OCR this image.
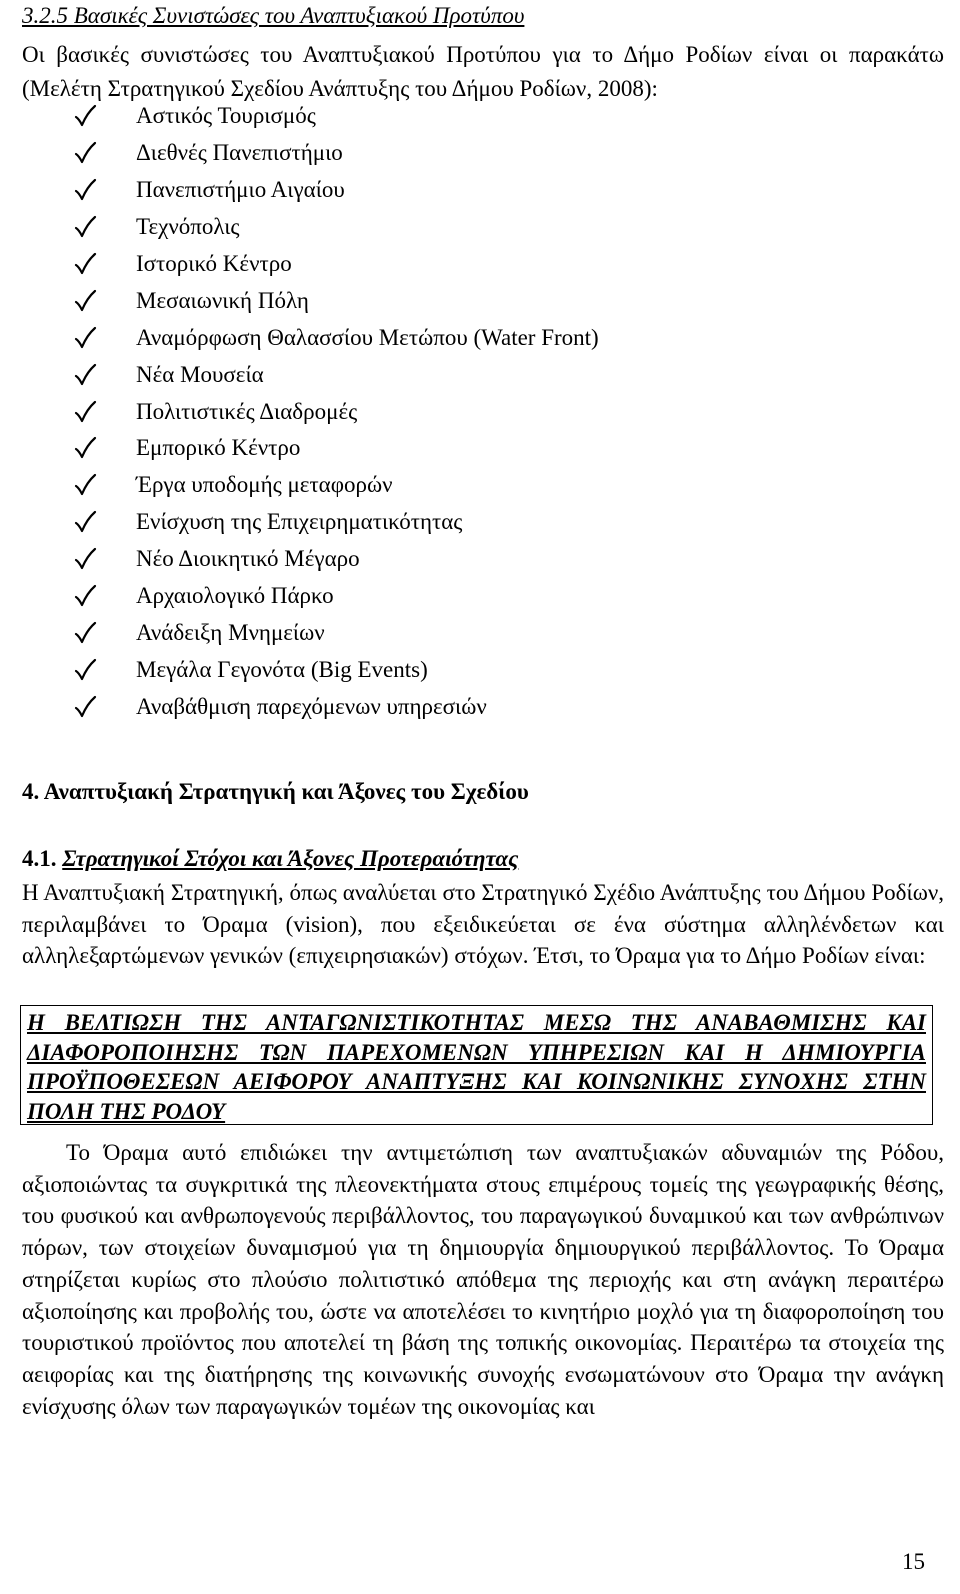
3.2.5 Βασικές Συνιστώσες του Αναπτυξιακού Προτύπου
Οι βασικές συνιστώσες του Αναπτυξιακού Προτύπου για το Δήμο Ροδίων είναι οι παρακάτω (Μελέτη Στρατηγικού Σχεδίου Ανάπτυξης του Δήμου Ροδίων, 2008):
Αστικός Τουρισμός
Διεθνές Πανεπιστήμιο
Πανεπιστήμιο Αιγαίου
Τεχνόπολις
Ιστορικό Κέντρο
Μεσαιωνική Πόλη
Αναμόρφωση Θαλασσίου Μετώπου (Water Front)
Νέα Μουσεία
Πολιτιστικές Διαδρομές
Εμπορικό Κέντρο
Έργα υποδομής μεταφορών
Ενίσχυση της Επιχειρηματικότητας
Νέο Διοικητικό Μέγαρο
Αρχαιολογικό Πάρκο
Ανάδειξη Μνημείων
Μεγάλα Γεγονότα (Big Events)
Αναβάθμιση παρεχόμενων υπηρεσιών
4. Αναπτυξιακή Στρατηγική και Άξονες του Σχεδίου
4.1. Στρατηγικοί Στόχοι και Άξονες Προτεραιότητας
Η Αναπτυξιακή Στρατηγική, όπως αναλύεται στο Στρατηγικό Σχέδιο Ανάπτυξης του Δήμου Ροδίων, περιλαμβάνει το Όραμα (vision), που εξειδικεύεται σε ένα σύστημα αλληλένδετων και αλληλεξαρτώμενων γενικών (επιχειρησιακών) στόχων. Έτσι, το Όραμα για το Δήμο Ροδίων είναι:
Η ΒΕΛΤΙΩΣΗ ΤΗΣ ΑΝΤΑΓΩΝΙΣΤΙΚΟΤΗΤΑΣ ΜΕΣΩ ΤΗΣ ΑΝΑΒΑΘΜΙΣΗΣ ΚΑΙ ΔΙΑΦΟΡΟΠΟΙΗΣΗΣ ΤΩΝ ΠΑΡΕΧΟΜΕΝΩΝ ΥΠΗΡΕΣΙΩΝ ΚΑΙ Η ΔΗΜΙΟΥΡΓΙΑ ΠΡΟΫΠΟΘΕΣΕΩΝ ΑΕΙΦΟΡΟΥ ΑΝΑΠΤΥΞΗΣ ΚΑΙ ΚΟΙΝΩΝΙΚΗΣ ΣΥΝΟΧΗΣ ΣΤΗΝ ΠΟΛΗ ΤΗΣ ΡΟΔΟΥ
Το Όραμα αυτό επιδιώκει την αντιμετώπιση των αναπτυξιακών αδυναμιών της Ρόδου, αξιοποιώντας τα συγκριτικά της πλεονεκτήματα στους επιμέρους τομείς της γεωγραφικής θέσης, του φυσικού και ανθρωπογενούς περιβάλλοντος, του παραγωγικού δυναμικού και των ανθρώπινων πόρων, των στοιχείων δυναμισμού για τη δημιουργία δημιουργικού περιβάλλοντος. Το Όραμα στηρίζεται κυρίως στο πλούσιο πολιτιστικό απόθεμα της περιοχής και στη ανάγκη περαιτέρω αξιοποίησης και προβολής του, ώστε να αποτελέσει το κινητήριο μοχλό για τη διαφοροποίηση του τουριστικού προϊόντος που αποτελεί τη βάση της τοπικής οικονομίας. Περαιτέρω τα στοιχεία της αειφορίας και της διατήρησης της κοινωνικής συνοχής ενσωματώνουν στο Όραμα την ανάγκη ενίσχυσης όλων των παραγωγικών τομέων της οικονομίας και
15
